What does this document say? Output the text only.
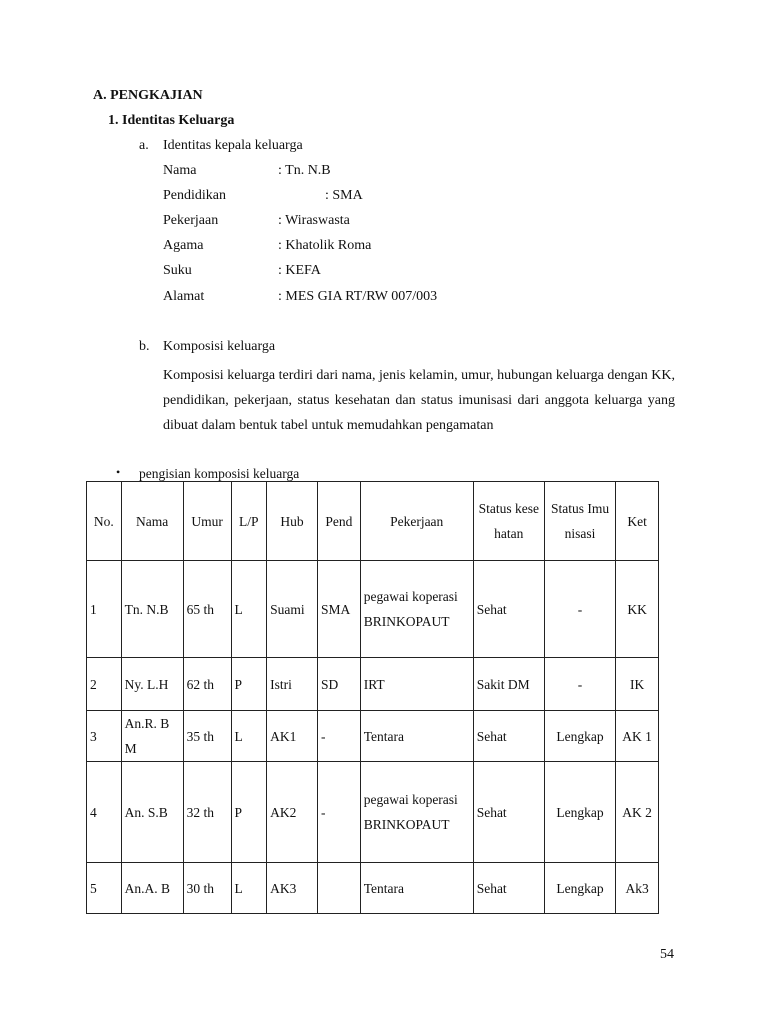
A. PENGKAJIAN
1. Identitas Keluarga
a. Identitas kepala keluarga
Nama	: Tn. N.B
Pendidikan	: SMA
Pekerjaan	: Wiraswasta
Agama	: Khatolik Roma
Suku	: KEFA
Alamat	: MES GIA RT/RW 007/003
b. Komposisi keluarga
Komposisi keluarga terdiri dari nama, jenis kelamin, umur, hubungan keluarga dengan KK, pendidikan, pekerjaan, status kesehatan dan status imunisasi dari anggota keluarga yang dibuat dalam bentuk tabel untuk memudahkan pengamatan
• pengisian komposisi keluarga
No.	Nama	Umur	L/P	Hub	Pend	Pekerjaan	Status kesehatan	Status Imunisasi	Ket
1	Tn. N.B	65 th	L	Suami	SMA	pegawai koperasi BRINKOPAUT	Sehat	-	KK
2	Ny. L.H	62 th	P	Istri	SD	IRT	Sakit DM	-	IK
3	An.R. B M	35 th	L	AK1	-	Tentara	Sehat	Lengkap	AK 1
4	An. S.B	32 th	P	AK2	-	pegawai koperasi BRINKOPAUT	Sehat	Lengkap	AK 2
5	An.A. B	30 th	L	AK3		Tentara	Sehat	Lengkap	Ak3
54
